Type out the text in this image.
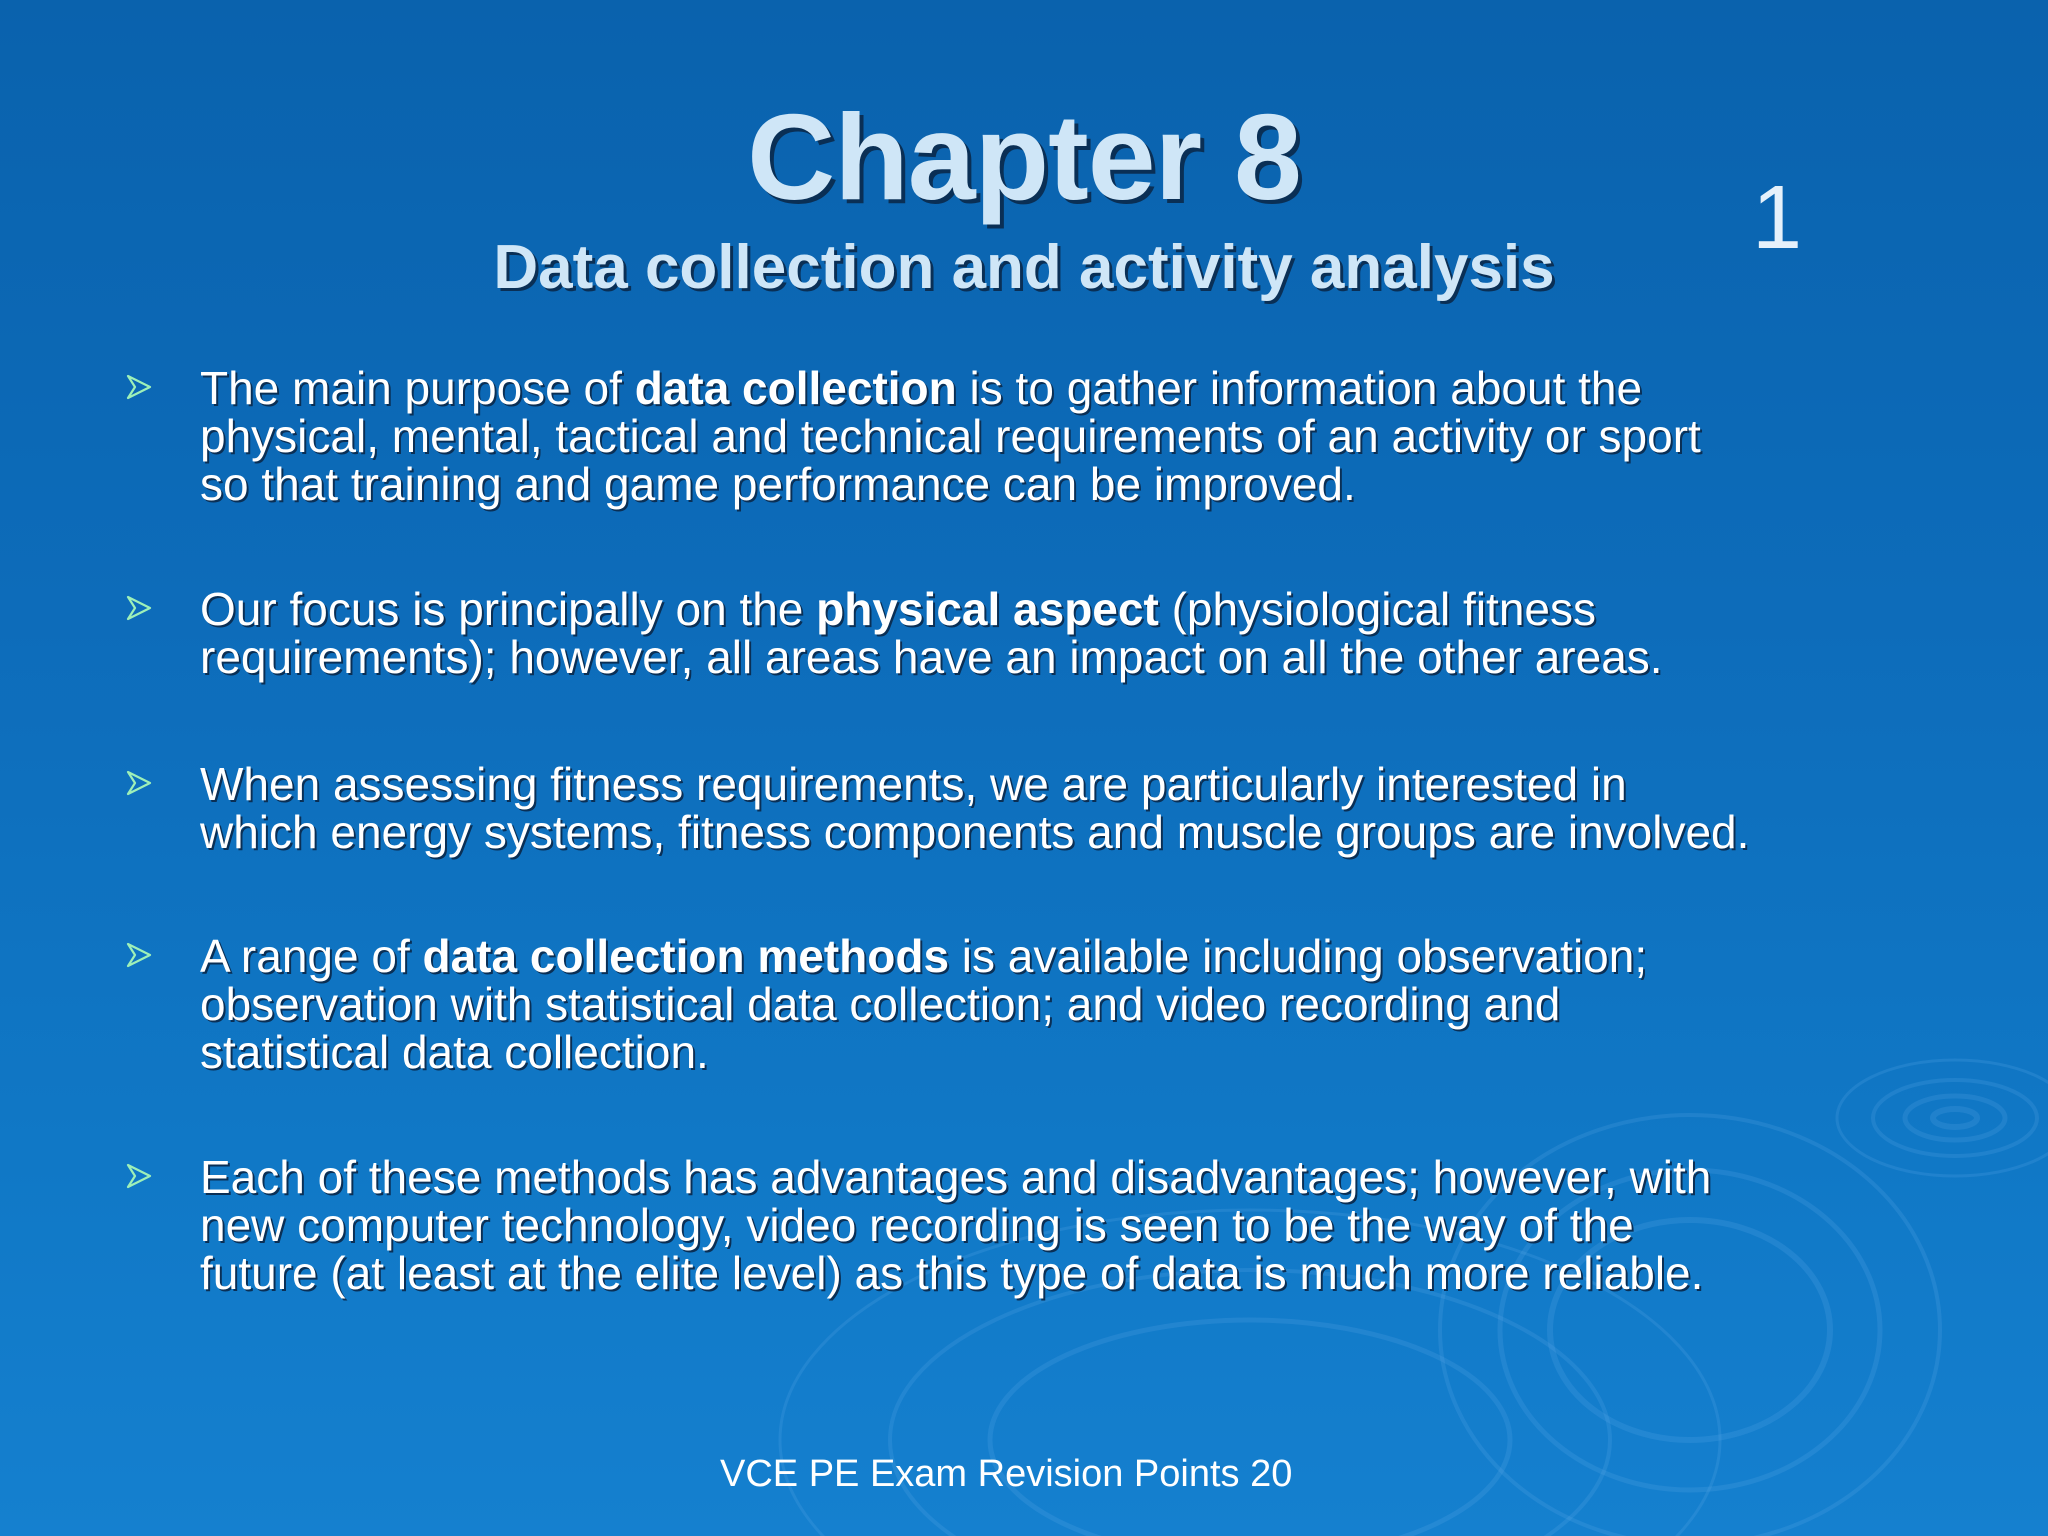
Chapter 8
Data collection and activity analysis	1
The main purpose of data collection is to gather information about the
physical, mental, tactical and technical requirements of an activity or sport
so that training and game performance can be improved.
Our focus is principally on the physical aspect (physiological fitness
requirements); however, all areas have an impact on all the other areas.
When assessing fitness requirements, we are particularly interested in
which energy systems, fitness components and muscle groups are involved.
A range of data collection methods is available including observation;
observation with statistical data collection; and video recording and
statistical data collection.
Each of these methods has advantages and disadvantages; however, with
new computer technology, video recording is seen to be the way of the
future (at least at the elite level) as this type of data is much more reliable.
VCE PE Exam Revision Points 20
